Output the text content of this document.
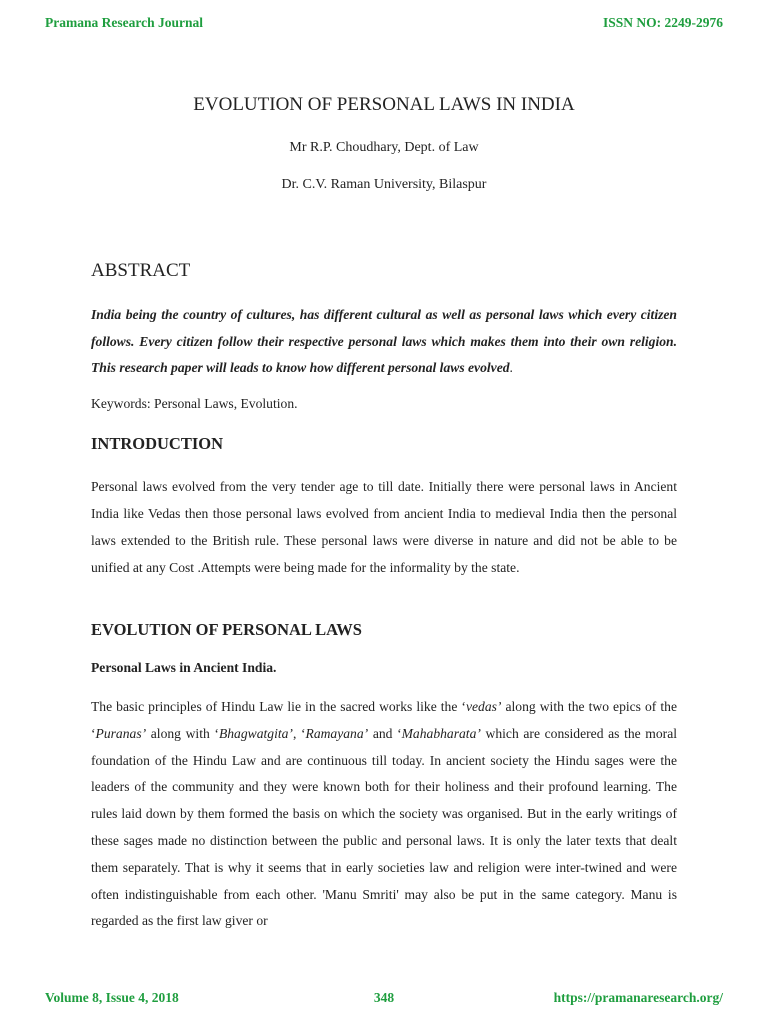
Pramana Research Journal	ISSN NO: 2249-2976
EVOLUTION OF PERSONAL LAWS IN INDIA
Mr R.P. Choudhary, Dept. of Law
Dr. C.V. Raman University, Bilaspur
ABSTRACT
India being the country of cultures, has different cultural as well as personal laws which every citizen follows. Every citizen follow their respective personal laws which makes them into their own religion. This research paper will leads to know how different personal laws evolved.
Keywords: Personal Laws, Evolution.
INTRODUCTION
Personal laws evolved from the very tender age to till date. Initially there were personal laws in Ancient India like Vedas then those personal laws evolved from ancient India to medieval India then the personal laws extended to the British rule. These personal laws were diverse in nature and did not be able to be unified at any Cost .Attempts were being made for the informality by the state.
EVOLUTION OF PERSONAL LAWS
Personal Laws in Ancient India.
The basic principles of Hindu Law lie in the sacred works like the ‘vedas’ along with the two epics of the ‘Puranas’ along with ‘Bhagwatgita’, ‘Ramayana’ and ‘Mahabharata’ which are considered as the moral foundation of the Hindu Law and are continuous till today. In ancient society the Hindu sages were the leaders of the community and they were known both for their holiness and their profound learning. The rules laid down by them formed the basis on which the society was organised. But in the early writings of these sages made no distinction between the public and personal laws. It is only the later texts that dealt them separately. That is why it seems that in early societies law and religion were inter-twined and were often indistinguishable from each other. 'Manu Smriti' may also be put in the same category. Manu is regarded as the first law giver or
Volume 8, Issue 4, 2018	348	https://pramanaresearch.org/
